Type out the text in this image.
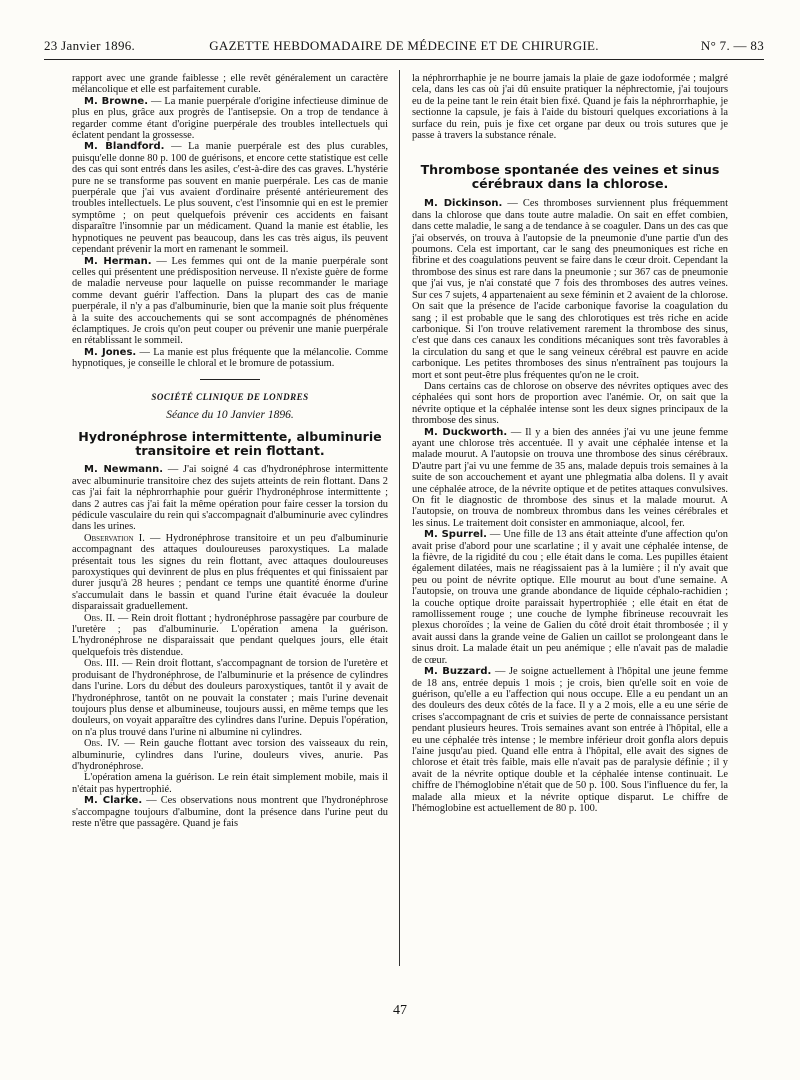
23 Janvier 1896.	GAZETTE HEBDOMADAIRE DE MÉDECINE ET DE CHIRURGIE.	N° 7. — 83

rapport avec une grande faiblesse ; elle revêt généralement un caractère mélancolique et elle est parfaitement curable.

M. Browne. — La manie puerpérale d'origine infectieuse diminue de plus en plus, grâce aux progrès de l'antisepsie. On a trop de tendance à regarder comme étant d'origine puerpérale des troubles intellectuels qui éclatent pendant la grossesse.

M. Blandford. — La manie puerpérale est des plus curables, puisqu'elle donne 80 p. 100 de guérisons, et encore cette statistique est celle des cas qui sont entrés dans les asiles, c'est-à-dire des cas graves. L'hystérie pure ne se transforme pas souvent en manie puerpérale. Les cas de manie puerpérale que j'ai vus avaient d'ordinaire présenté antérieurement des troubles intellectuels. Le plus souvent, c'est l'insomnie qui en est le premier symptôme ; on peut quelquefois prévenir ces accidents en faisant disparaître l'insomnie par un médicament. Quand la manie est établie, les hypnotiques ne peuvent pas beaucoup, dans les cas très aigus, ils peuvent cependant prévenir la mort en ramenant le sommeil.

M. Herman. — Les femmes qui ont de la manie puerpérale sont celles qui présentent une prédisposition nerveuse. Il n'existe guère de forme de maladie nerveuse pour laquelle on puisse recommander le mariage comme devant guérir l'affection. Dans la plupart des cas de manie puerpérale, il n'y a pas d'albuminurie, bien que la manie soit plus fréquente à la suite des accouchements qui se sont accompagnés de phénomènes éclamptiques. Je crois qu'on peut couper ou prévenir une manie puerpérale en rétablissant le sommeil.

M. Jones. — La manie est plus fréquente que la mélancolie. Comme hypnotiques, je conseille le chloral et le bromure de potassium.

SOCIÉTÉ CLINIQUE DE LONDRES
Séance du 10 Janvier 1896.
Hydronéphrose intermittente, albuminurie transitoire et rein flottant.

M. Newmann. — J'ai soigné 4 cas d'hydronéphrose intermittente avec albuminurie transitoire chez des sujets atteints de rein flottant. Dans 2 cas j'ai fait la néphrorrhaphie pour guérir l'hydronéphrose intermittente ; dans 2 autres cas j'ai fait la même opération pour faire cesser la torsion du pédicule vasculaire du rein qui s'accompagnait d'albuminurie avec cylindres dans les urines.

Observation I. — Hydronéphrose transitoire et un peu d'albuminurie accompagnant des attaques douloureuses paroxystiques. La malade présentait tous les signes du rein flottant, avec attaques douloureuses paroxystiques qui devinrent de plus en plus fréquentes et qui finissaient par durer jusqu'à 28 heures ; pendant ce temps une quantité énorme d'urine s'accumulait dans le bassin et quand l'urine était évacuée la douleur disparaissait graduellement.

Obs. II. — Rein droit flottant ; hydronéphrose passagère par courbure de l'uretère ; pas d'albuminurie. L'opération amena la guérison. L'hydronéphrose ne disparaissait que pendant quelques jours, elle était quelquefois très distendue.

Obs. III. — Rein droit flottant, s'accompagnant de torsion de l'uretère et produisant de l'hydronéphrose, de l'albuminurie et la présence de cylindres dans l'urine. Lors du début des douleurs paroxystiques, tantôt il y avait de l'hydronéphrose, tantôt on ne pouvait la constater ; mais l'urine devenait toujours plus dense et albumineuse, toujours aussi, en même temps que les douleurs, on voyait apparaître des cylindres dans l'urine. Depuis l'opération, on n'a plus trouvé dans l'urine ni albumine ni cylindres.

Obs. IV. — Rein gauche flottant avec torsion des vaisseaux du rein, albuminurie, cylindres dans l'urine, douleurs vives, anurie. Pas d'hydronéphrose.

L'opération amena la guérison. Le rein était simplement mobile, mais il n'était pas hypertrophié.

M. Clarke. — Ces observations nous montrent que l'hydronéphrose s'accompagne toujours d'albumine, dont la présence dans l'urine peut du reste n'être que passagère. Quand je fais

la néphrorrhaphie je ne bourre jamais la plaie de gaze iodoformée ; malgré cela, dans les cas où j'ai dû ensuite pratiquer la néphrectomie, j'ai toujours eu de la peine tant le rein était bien fixé. Quand je fais la néphrorrhaphie, je sectionne la capsule, je fais à l'aide du bistouri quelques excoriations à la surface du rein, puis je fixe cet organe par deux ou trois sutures que je passe à travers la substance rénale.

Thrombose spontanée des veines et sinus cérébraux dans la chlorose.

M. Dickinson. — Ces thromboses surviennent plus fréquemment dans la chlorose que dans toute autre maladie. On sait en effet combien, dans cette maladie, le sang a de tendance à se coaguler. Dans un des cas que j'ai observés, on trouva à l'autopsie de la pneumonie d'une partie d'un des poumons. Cela est important, car le sang des pneumoniques est riche en fibrine et des coagulations peuvent se faire dans le cœur droit. Cependant la thrombose des sinus est rare dans la pneumonie ; sur 367 cas de pneumonie que j'ai vus, je n'ai constaté que 7 fois des thromboses des autres veines. Sur ces 7 sujets, 4 appartenaient au sexe féminin et 2 avaient de la chlorose. On sait que la présence de l'acide carbonique favorise la coagulation du sang ; il est probable que le sang des chlorotiques est très riche en acide carbonique. Si l'on trouve relativement rarement la thrombose des sinus, c'est que dans ces canaux les conditions mécaniques sont très favorables à la circulation du sang et que le sang veineux cérébral est pauvre en acide carbonique. Les petites thromboses des sinus n'entraînent pas toujours la mort et sont peut-être plus fréquentes qu'on ne le croit.

Dans certains cas de chlorose on observe des névrites optiques avec des céphalées qui sont hors de proportion avec l'anémie. Or, on sait que la névrite optique et la céphalée intense sont les deux signes principaux de la thrombose des sinus.

M. Duckworth. — Il y a bien des années j'ai vu une jeune femme ayant une chlorose très accentuée. Il y avait une céphalée intense et la malade mourut. A l'autopsie on trouva une thrombose des sinus cérébraux. D'autre part j'ai vu une femme de 35 ans, malade depuis trois semaines à la suite de son accouchement et ayant une phlegmatia alba dolens. Il y avait une céphalée atroce, de la névrite optique et de petites attaques convulsives. On fit le diagnostic de thrombose des sinus et la malade mourut. A l'autopsie, on trouva de nombreux thrombus dans les veines cérébrales et les sinus. Le traitement doit consister en ammoniaque, alcool, fer.

M. Spurrel. — Une fille de 13 ans était atteinte d'une affection qu'on avait prise d'abord pour une scarlatine ; il y avait une céphalée intense, de la fièvre, de la rigidité du cou ; elle était dans le coma. Les pupilles étaient également dilatées, mais ne réagissaient pas à la lumière ; il n'y avait que peu ou point de névrite optique. Elle mourut au bout d'une semaine. A l'autopsie, on trouva une grande abondance de liquide céphalo-rachidien ; la couche optique droite paraissait hypertrophiée ; elle était en état de ramollissement rouge ; une couche de lymphe fibrineuse recouvrait les plexus choroïdes ; la veine de Galien du côté droit était thrombosée ; il y avait aussi dans la grande veine de Galien un caillot se prolongeant dans le sinus droit. La malade était un peu anémique ; elle n'avait pas de maladie de cœur.

M. Buzzard. — Je soigne actuellement à l'hôpital une jeune femme de 18 ans, entrée depuis 1 mois ; je crois, bien qu'elle soit en voie de guérison, qu'elle a eu l'affection qui nous occupe. Elle a eu pendant un an des douleurs des deux côtés de la face. Il y a 2 mois, elle a eu une série de crises s'accompagnant de cris et suivies de perte de connaissance persistant pendant plusieurs heures. Trois semaines avant son entrée à l'hôpital, elle a eu une céphalée très intense ; le membre inférieur droit gonfla alors depuis l'aine jusqu'au pied. Quand elle entra à l'hôpital, elle avait des signes de chlorose et était très faible, mais elle n'avait pas de paralysie définie ; il y avait de la névrite optique double et la céphalée intense continuait. Le chiffre de l'hémoglobine n'était que de 50 p. 100. Sous l'influence du fer, la malade alla mieux et la névrite optique disparut. Le chiffre de l'hémoglobine est actuellement de 80 p. 100.

47
